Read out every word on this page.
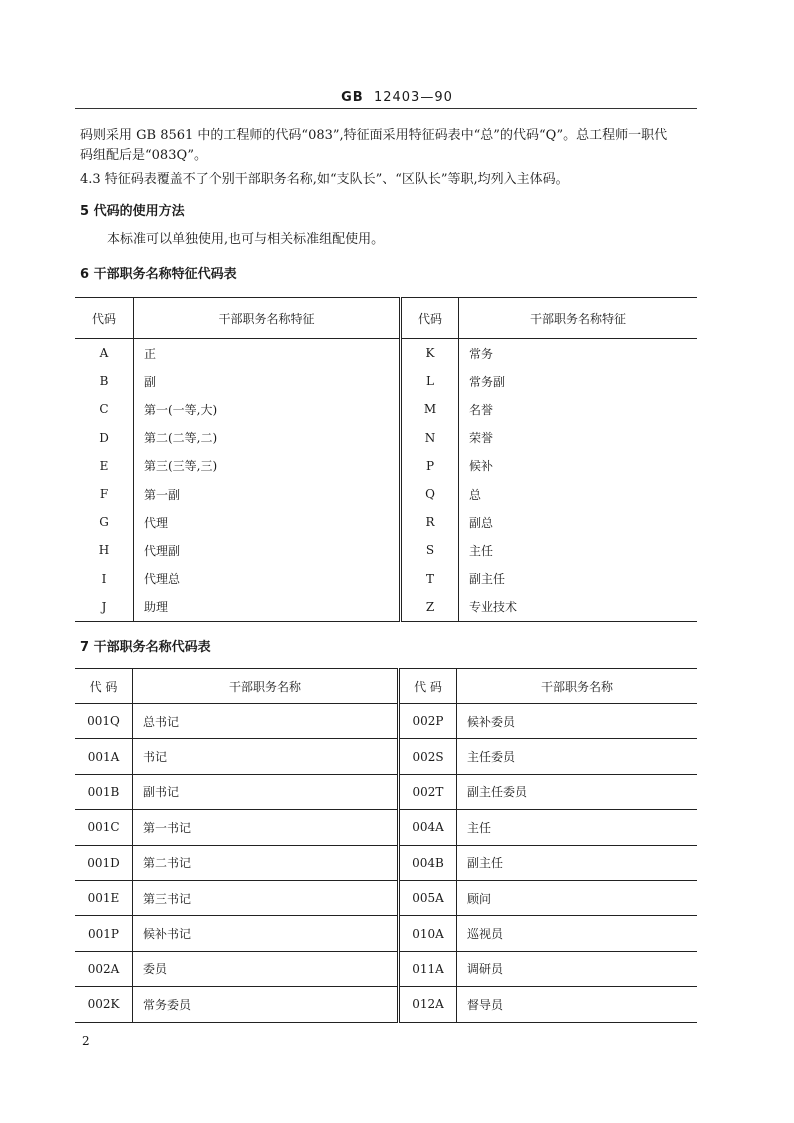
GB 12403—90
码则采用 GB 8561 中的工程师的代码“083”,特征面采用特征码表中“总”的代码“Q”。总工程师一职代
码组配后是“083Q”。
4.3 特征码表覆盖不了个别干部职务名称,如“支队长”、“区队长”等职,均列入主体码。
5 代码的使用方法
本标准可以单独使用,也可与相关标准组配使用。
6 干部职务名称特征代码表
代码	干部职务名称特征	代码	干部职务名称特征
A	正	K	常务
B	副	L	常务副
C	第一(一等,大)	M	名誉
D	第二(二等,二)	N	荣誉
E	第三(三等,三)	P	候补
F	第一副	Q	总
G	代理	R	副总
H	代理副	S	主任
I	代理总	T	副主任
J	助理	Z	专业技术
7 干部职务名称代码表
代 码	干部职务名称	代 码	干部职务名称
001Q	总书记	002P	候补委员
001A	书记	002S	主任委员
001B	副书记	002T	副主任委员
001C	第一书记	004A	主任
001D	第二书记	004B	副主任
001E	第三书记	005A	顾问
001P	候补书记	010A	巡视员
002A	委员	011A	调研员
002K	常务委员	012A	督导员
2
